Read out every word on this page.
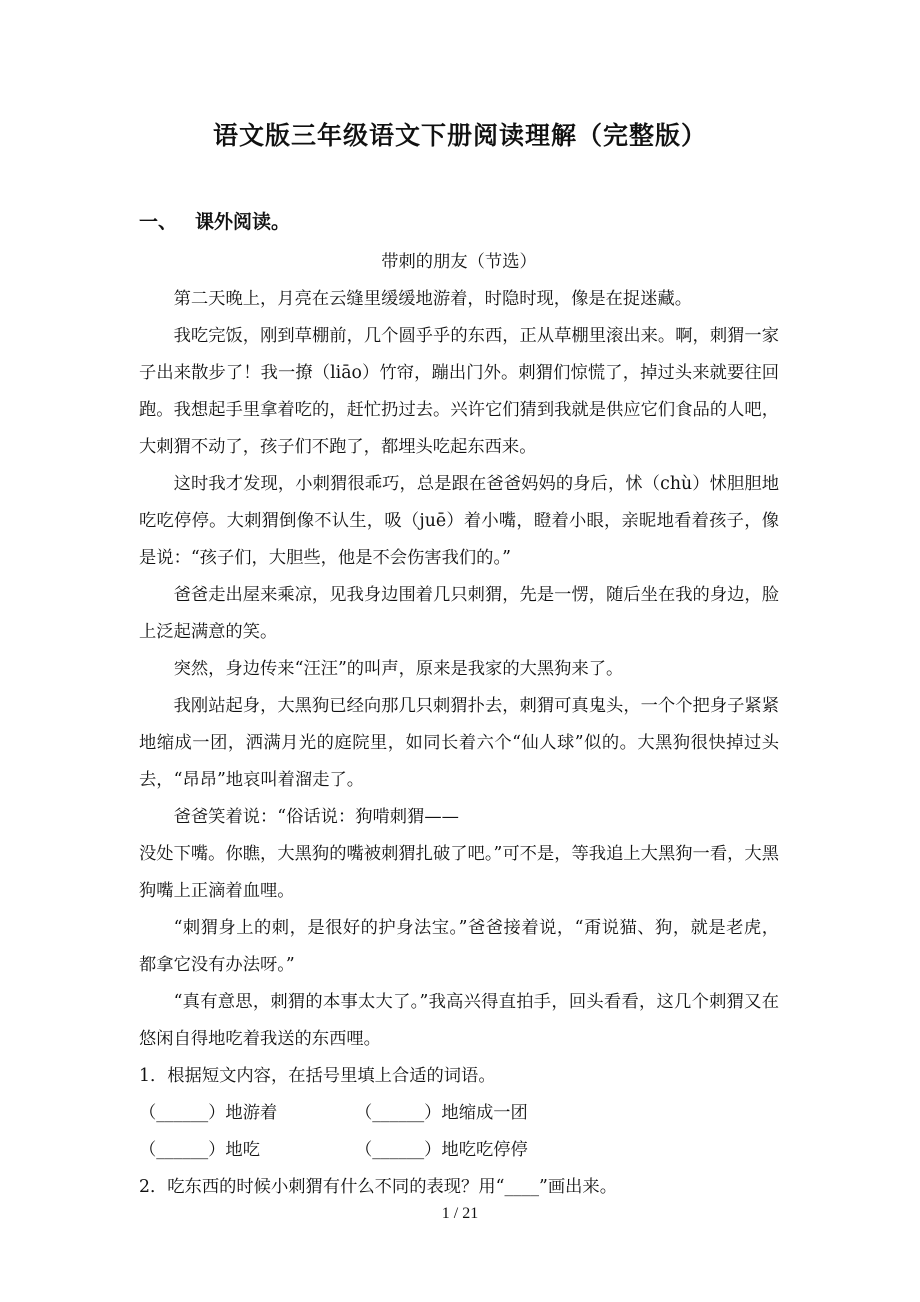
语文版三年级语文下册阅读理解（完整版）
一、 课外阅读。

带刺的朋友（节选）

第二天晚上，月亮在云缝里缓缓地游着，时隐时现，像是在捉迷藏。

我吃完饭，刚到草棚前，几个圆乎乎的东西，正从草棚里滚出来。啊，刺猬一家子出来散步了！我一撩（liāo）竹帘，蹦出门外。刺猬们惊慌了，掉过头来就要往回跑。我想起手里拿着吃的，赶忙扔过去。兴许它们猜到我就是供应它们食品的人吧，大刺猬不动了，孩子们不跑了，都埋头吃起东西来。

这时我才发现，小刺猬很乖巧，总是跟在爸爸妈妈的身后，怵（chù）怵胆胆地吃吃停停。大刺猬倒像不认生，吸（juē）着小嘴，瞪着小眼，亲昵地看着孩子，像是说：“孩子们，大胆些，他是不会伤害我们的。”

爸爸走出屋来乘凉，见我身边围着几只刺猬，先是一愣，随后坐在我的身边，脸上泛起满意的笑。

突然，身边传来“汪汪”的叫声，原来是我家的大黑狗来了。

我刚站起身，大黑狗已经向那几只刺猬扑去，刺猬可真鬼头，一个个把身子紧紧地缩成一团，洒满月光的庭院里，如同长着六个“仙人球”似的。大黑狗很快掉过头去，“昂昂”地哀叫着溜走了。

爸爸笑着说：“俗话说：狗啃刺猬——

没处下嘴。你瞧，大黑狗的嘴被刺猬扎破了吧。”可不是，等我追上大黑狗一看，大黑狗嘴上正滴着血哩。

“刺猬身上的刺，是很好的护身法宝。”爸爸接着说，“甭说猫、狗，就是老虎，都拿它没有办法呀。”

“真有意思，刺猬的本事太大了。”我高兴得直拍手，回头看看，这几个刺猬又在悠闲自得地吃着我送的东西哩。

1．根据短文内容，在括号里填上合适的词语。

（______）地游着	（______）地缩成一团

（______）地吃	（______）地吃吃停停

2．吃东西的时候小刺猬有什么不同的表现？用“____”画出来。

1 / 21
